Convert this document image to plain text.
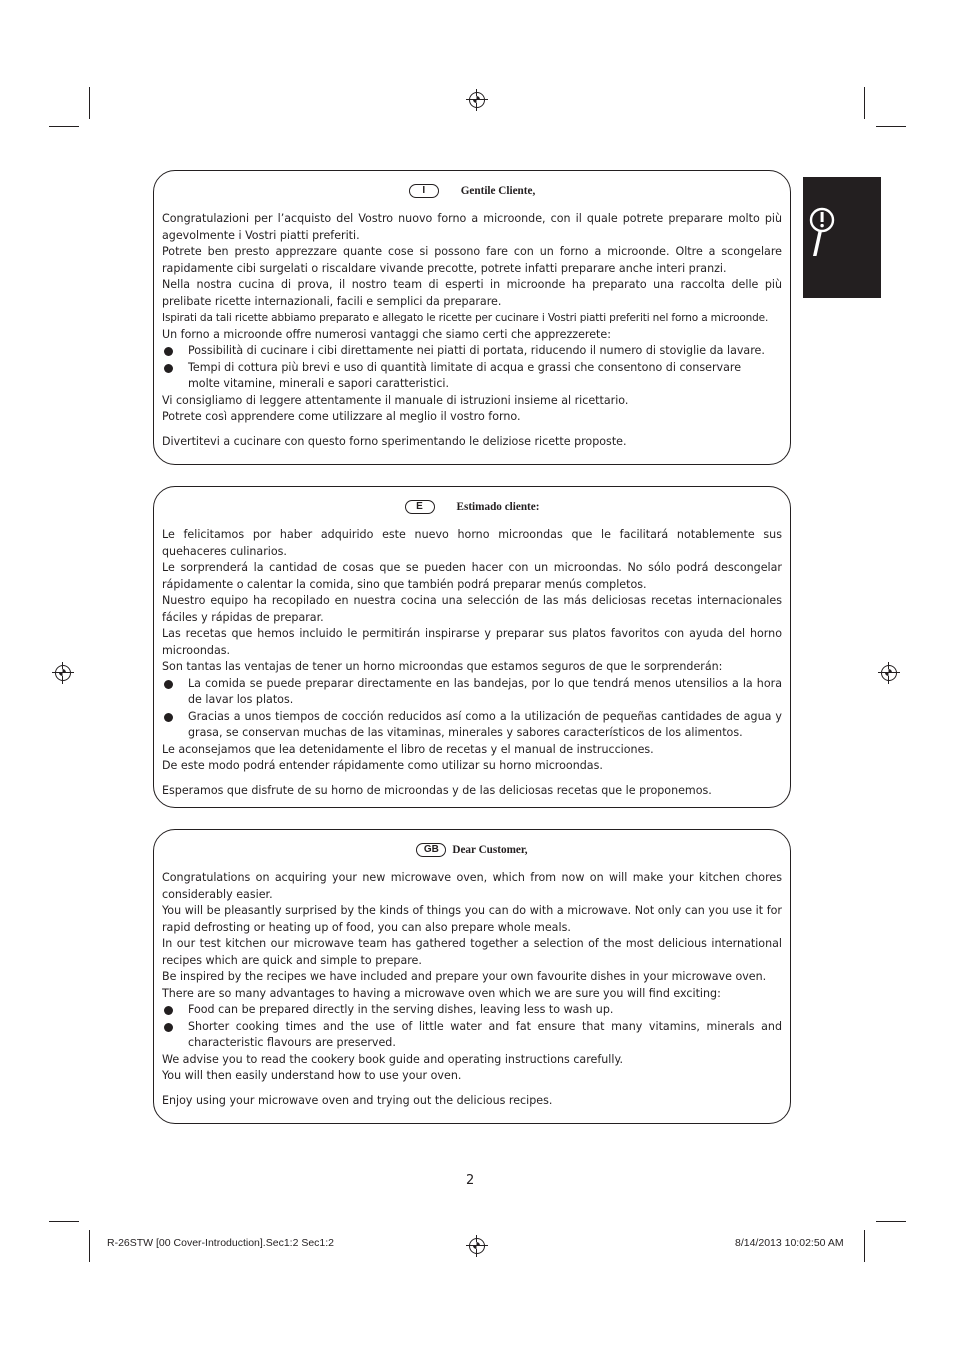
I	Gentile Cliente,

Congratulazioni per l’acquisto del Vostro nuovo forno a microonde, con il quale potrete preparare molto più agevolmente i Vostri piatti preferiti.

Potrete ben presto apprezzare quante cose si possono fare con un forno a microonde. Oltre a scongelare rapidamente cibi surgelati o riscaldare vivande precotte, potrete infatti preparare anche interi pranzi.

Nella nostra cucina di prova, il nostro team di esperti in microonde ha preparato una raccolta delle più prelibate ricette internazionali, facili e semplici da preparare.

Ispirati da tali ricette abbiamo preparato e allegato le ricette per cucinare i Vostri piatti preferiti nel forno a microonde.

Un forno a microonde offre numerosi vantaggi che siamo certi che apprezzerete:

Possibilità di cucinare i cibi direttamente nei piatti di portata, riducendo il numero di stoviglie da lavare.

Tempi di cottura più brevi e uso di quantità limitate di acqua e grassi che consentono di conservare molte vitamine, minerali e sapori caratteristici.

Vi consigliamo di leggere attentamente il manuale di istruzioni insieme al ricettario.

Potrete così apprendere come utilizzare al meglio il vostro forno.

Divertitevi a cucinare con questo forno sperimentando le deliziose ricette proposte.

E	Estimado cliente:

Le felicitamos por haber adquirido este nuevo horno microondas que le facilitará notablemente sus quehaceres culinarios.

Le sorprenderá la cantidad de cosas que se pueden hacer con un microondas. No sólo podrá descongelar rápidamente o calentar la comida, sino que también podrá preparar menús completos.

Nuestro equipo ha recopilado en nuestra cocina una selección de las más deliciosas recetas internacionales fáciles y rápidas de preparar.

Las recetas que hemos incluido le permitirán inspirarse y preparar sus platos favoritos con ayuda del horno microondas.

Son tantas las ventajas de tener un horno microondas que estamos seguros de que le sorprenderán:

La comida se puede preparar directamente en las bandejas, por lo que tendrá menos utensilios a la hora de lavar los platos.

Gracias a unos tiempos de cocción reducidos así como a la utilización de pequeñas cantidades de agua y grasa, se conservan muchas de las vitaminas, minerales y sabores característicos de los alimentos.

Le aconsejamos que lea detenidamente el libro de recetas y el manual de instrucciones.

De este modo podrá entender rápidamente como utilizar su horno microondas.

Esperamos que disfrute de su horno de microondas y de las deliciosas recetas que le proponemos.

GB Dear Customer,

Congratulations on acquiring your new microwave oven, which from now on will make your kitchen chores considerably easier.

You will be pleasantly surprised by the kinds of things you can do with a microwave. Not only can you use it for rapid defrosting or heating up of food, you can also prepare whole meals.

In our test kitchen our microwave team has gathered together a selection of the most delicious international recipes which are quick and simple to prepare.

Be inspired by the recipes we have included and prepare your own favourite dishes in your microwave oven.

There are so many advantages to having a microwave oven which we are sure you will find exciting:

Food can be prepared directly in the serving dishes, leaving less to wash up.

Shorter cooking times and the use of little water and fat ensure that many vitamins, minerals and characteristic flavours are preserved.

We advise you to read the cookery book guide and operating instructions carefully.

You will then easily understand how to use your oven.

Enjoy using your microwave oven and trying out the delicious recipes.

2
R-26STW [00 Cover-Introduction].Sec1:2 Sec1:2	8/14/2013 10:02:50 AM
